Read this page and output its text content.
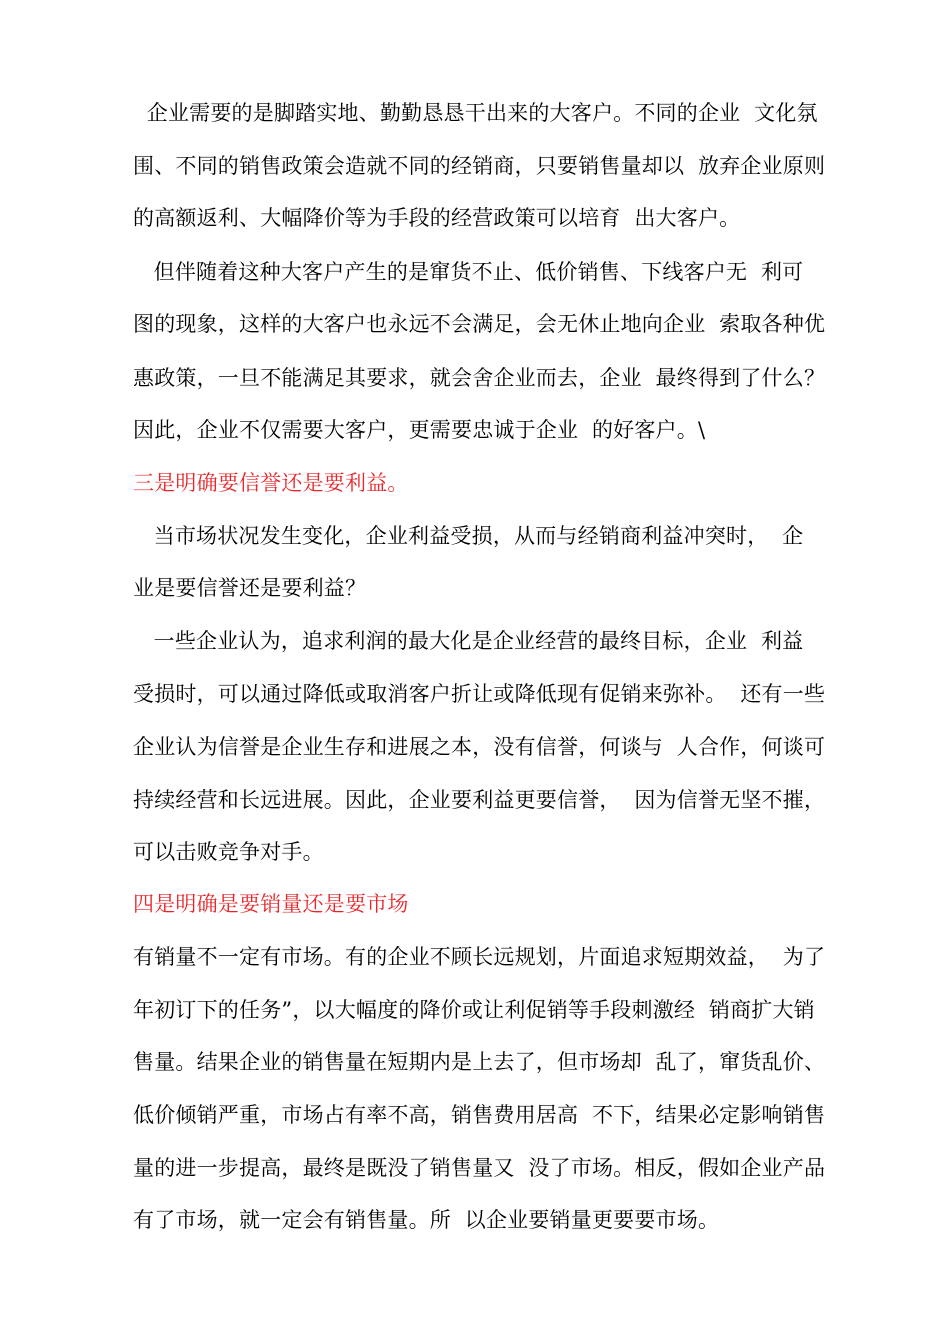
企业需要的是脚踏实地、勤勤恳恳干出来的大客户。不同的企业  文化氛
围、不同的销售政策会造就不同的经销商，只要销售量却以  放弃企业原则
的高额返利、大幅降价等为手段的经营政策可以培育  出大客户。
但伴随着这种大客户产生的是窜货不止、低价销售、下线客户无  利可
图的现象，这样的大客户也永远不会满足，会无休止地向企业  索取各种优
惠政策，一旦不能满足其要求，就会舍企业而去，企业  最终得到了什么？
因此，企业不仅需要大客户，更需要忠诚于企业  的好客户。\
三是明确要信誉还是要利益。
当市场状况发生变化，企业利益受损，从而与经销商利益冲突时，  企
业是要信誉还是要利益？
一些企业认为，追求利润的最大化是企业经营的最终目标，企业  利益
受损时，可以通过降低或取消客户折让或降低现有促销来弥补。  还有一些
企业认为信誉是企业生存和进展之本，没有信誉，何谈与  人合作，何谈可
持续经营和长远进展。因此，企业要利益更要信誉，  因为信誉无坚不摧，
可以击败竞争对手。
四是明确是要销量还是要市场
有销量不一定有市场。有的企业不顾长远规划，片面追求短期效益，  为了
年初订下的任务”，以大幅度的降价或让利促销等手段刺激经  销商扩大销
售量。结果企业的销售量在短期内是上去了，但市场却  乱了，窜货乱价、
低价倾销严重，市场占有率不高，销售费用居高  不下，结果必定影响销售
量的进一步提高，最终是既没了销售量又  没了市场。相反，假如企业产品
有了市场，就一定会有销售量。所  以企业要销量更要要市场。
